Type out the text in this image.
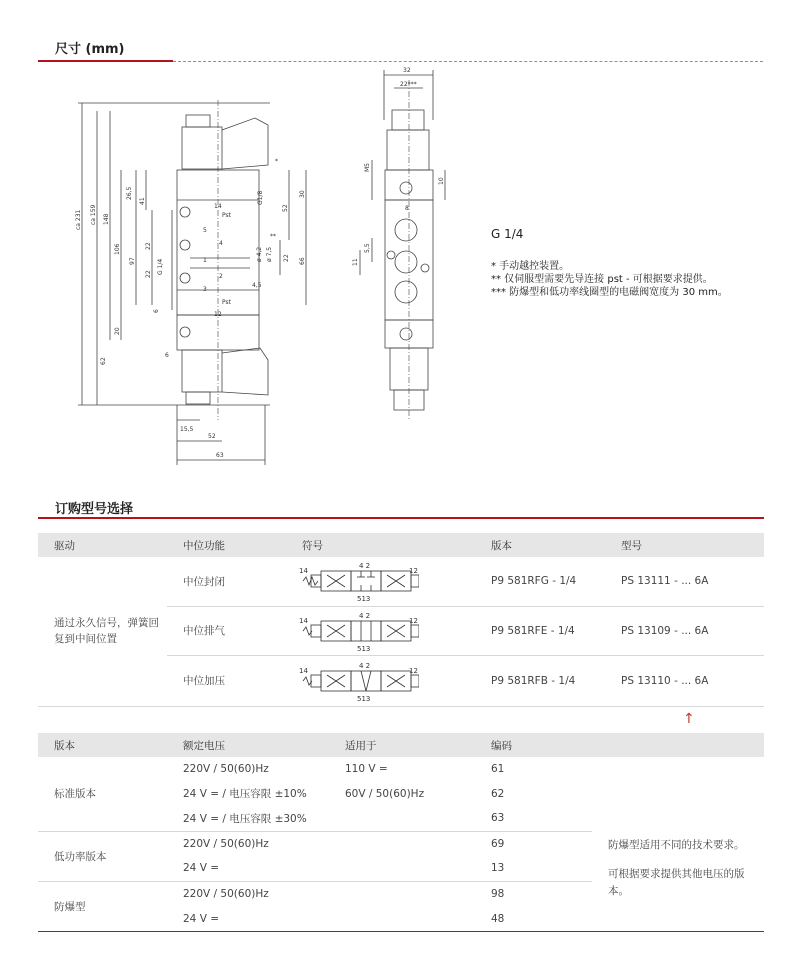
尺寸 (mm)
ca 231 ca 159 148
106
97
41
26,5
22
22 G 1/4
G1/8	30
52
66
22
ø 4,2 ø 7,5
4,5
20
62
6
6
15,5
52
63
14
5
4
1
2
3
12
Pst
Pst
*
**
32
22***
M5
10
5,5
11
8
G 1/4
* 手动越控装置。
** 仅伺服型需要先导连接 pst - 可根据要求提供。
*** 防爆型和低功率线圈型的电磁阀宽度为 30 mm。
订购型号选择
驱动	中位功能	符号	版本	型号
通过永久信号，弹簧回复到中间位置	中位封闭	4 2
513
14 12	P9 581RFG - 1/4	PS 13111 - ... 6A
	中位排气	4 2
513
14 12	P9 581RFE - 1/4	PS 13109 - ... 6A
	中位加压	4 2
513
14 12	P9 581RFB - 1/4	PS 13110 - ... 6A
↑
版本	额定电压	适用于	编码	
标准版本	220V / 50(60)Hz	110 V =	61	
	24 V = / 电压容限 ±10%	60V / 50(60)Hz	62	
	24 V = / 电压容限 ±30%		63	
低功率版本	220V / 50(60)Hz		69	防爆型适用不同的技术要求。
可根据要求提供其他电压的版本。

	24 V =		13	
防爆型	220V / 50(60)Hz		98	
	24 V =		48	
